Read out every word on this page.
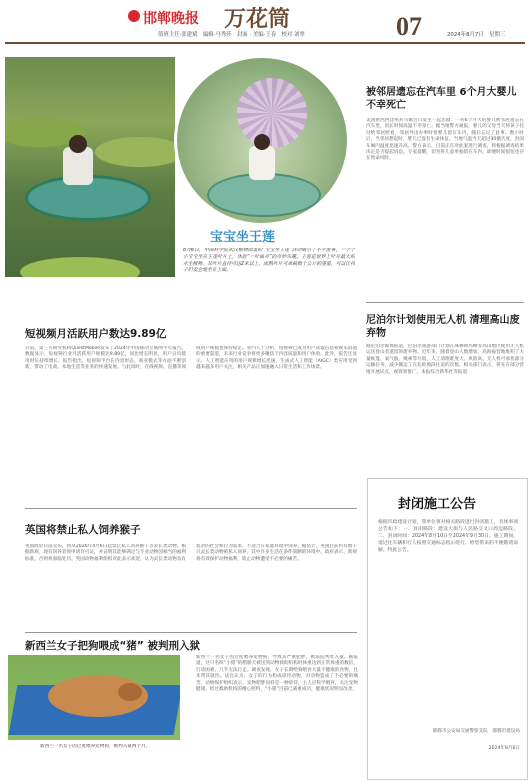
邯郸晚报 万花筒
值班主任·张建斌　编辑·马秀莎　封面 · 美编·王春　校对·刘翠	07	2024年8月7日　星期三
宝宝坐王莲
8月6日，中国科学院武汉植物园里的“宝宝坐王莲”活动吸引了不少游客，一个个小宝宝坐在王莲叶片上，体验“一叶扁舟”的奇妙乐趣。王莲是世界上叶片最大的水生植物，其叶片直径可达2米以上，成熟叶片可承载数十公斤的重量，可以让孩子们安全地坐在上面。
被邻居遗忘在汽车里 6个月大婴儿不幸死亡
美国密西西比州兵马镇近日发生一起悲剧：一名6个月大的婴儿被邻居遗忘在汽车里，因长时间高温不幸身亡。据当地警方通报，婴儿的父母当天将孩子托付给邻居照看，邻居外出办事时将婴儿留在车内，随后忘记了此事。数小时后，当邻居想起时，婴儿已没有生命体征。当地气温当天超过30摄氏度，封闭车厢内温度迅速升高。警方表示，目前正在对此案进行调查，将根据调查结果决定是否提起诉讼。专家提醒，切勿将儿童单独留在车内，即便时间很短也存在致命风险。
尼泊尔计划使用无人机 清理高山废弃物
据尼泊尔媒体报道，尼泊尔旅游部门计划在珠穆朗玛峰等高山地区使用无人机运送登山者遗留的废弃物。近年来，随着登山人数增加，高海拔营地堆积了大量帐篷、氧气瓶、绳索等垃圾，人工清理难度大、风险高。无人机可承担部分运输任务，减少搬运工在危险地段往返的次数。相关部门表示，将先在部分营地开展试点，视效果推广。本报综合新华社等报道
短视频月活跃用户数达9.89亿
日前，第三方研究机构QuestMobile发布了2024年中国移动互联网半年报告。数据显示，短视频行业月活跃用户规模达9.89亿，同比增长明显，用户日均使用时长持续增长。报告指出，短视频平台在内容形态、商业模式等方面不断创新，带动了电商、本地生活等业务的快速发展。与此同时，在线视频、直播等领域用户规模也保持稳定。业内人士分析，短视频已成为用户获取信息和娱乐消遣的重要渠道，未来行业竞争将更多聚焦于内容质量和用户体验。此外，报告还显示，人工智能应用的用户规模增长迅速，生成式人工智能（AIGC）类应用受到越来越多用户关注，相关产品正加速融入日常生活和工作场景。
英国将禁止私人饲养猴子
英国政府日前宣布，将从2026年4月6日起禁止私人饲养猴子等灵长类动物。根据新规，现有饲养者须申请许可证，并证明其能够满足与专业动物园相当的福利标准，否则将面临处罚。英国动物福利组织对此表示欢迎，认为灵长类动物具有复杂的社会和行为需求，不适合在家庭环境中饲养。据估计，英国目前约有数千只灵长类动物被私人饲养，其中许多生活在条件简陋的环境中。政府表示，新规将有效保护动物福利，防止动物遭受不必要的痛苦。
新西兰女子把狗喂成“猪” 被判刑入狱
新西兰一名女子因过度喂养宠物狗，被判入狱两个月。
新西兰一名女子因过度喂养宠物狗，导致其严重肥胖，被法院判处入狱。据报道，这只名叫“小猪”的腊肠犬被送到动物救助机构时体重达到正常体重的数倍，行动困难，几乎无法行走。调查发现，女子长期给狗喂食大量不健康的食物，且未带其就医。法官认为，女子的行为构成虐待动物，对动物造成了不必要的痛苦。动物保护组织表示，宠物肥胖同样是一种虐待，主人应科学喂养，关注宠物健康。经过救助机构的精心照料，“小猪”目前已减重成功，健康状况明显改善。
封闭施工公告
根据市政建设计划，我单位将对相关路段进行封闭施工，具体事项公告如下：一、封闭路段：建设大街与人民路交叉口周边路段。二、封闭时间：2024年8月10日至2024年9月30日。施工期间，请过往车辆和行人按照交通标志指示绕行，给您带来的不便敬请谅解。特此公告。
邯郸市公安局交通警察支队　邯郸市建设局
2024年8月6日
